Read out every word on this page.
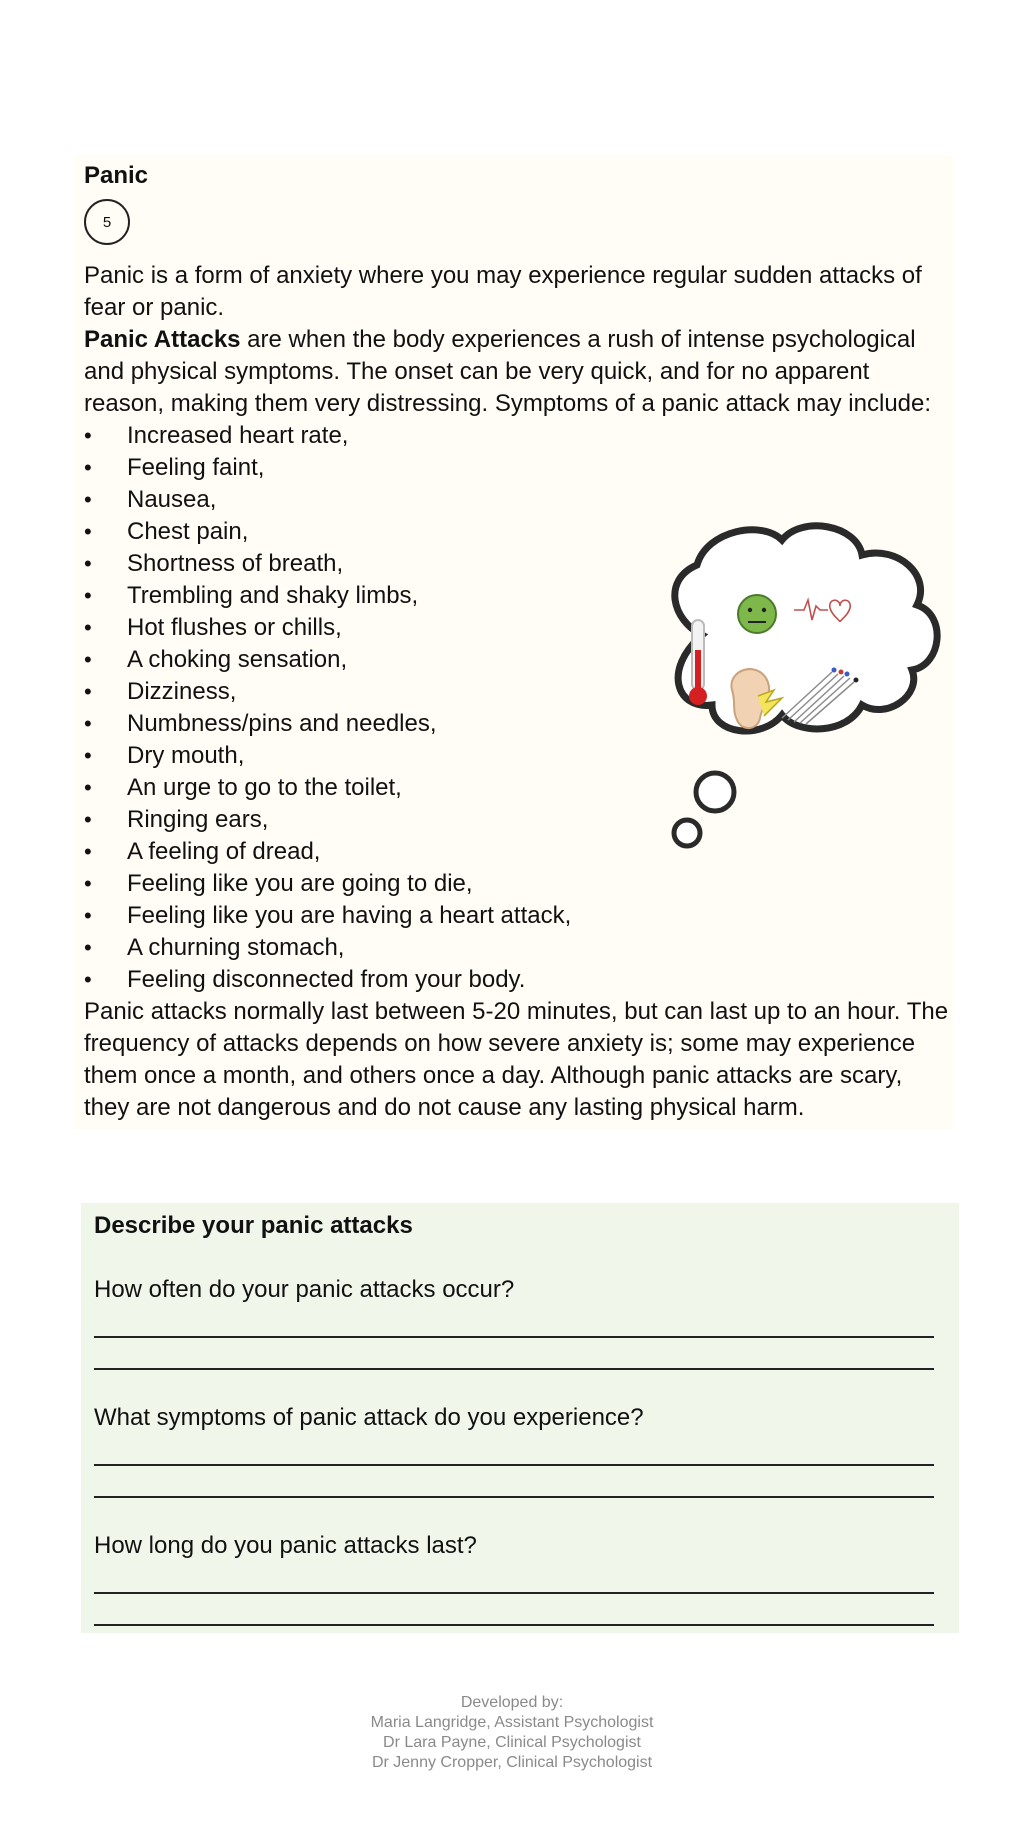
Panic
5

Panic is a form of anxiety where you may experience regular sudden attacks of fear or panic.

Panic Attacks are when the body experiences a rush of intense psychological and physical symptoms. The onset can be very quick, and for no apparent reason, making them very distressing. Symptoms of a panic attack may include:

• Increased heart rate,
• Feeling faint,
• Nausea,
• Chest pain,
• Shortness of breath,
• Trembling and shaky limbs,
• Hot flushes or chills,
• A choking sensation,
• Dizziness,
• Numbness/pins and needles,
• Dry mouth,
• An urge to go to the toilet,
• Ringing ears,
• A feeling of dread,
• Feeling like you are going to die,
• Feeling like you are having a heart attack,
• A churning stomach,
• Feeling disconnected from your body.

Panic attacks normally last between 5-20 minutes, but can last up to an hour. The frequency of attacks depends on how severe anxiety is; some may experience them once a month, and others once a day. Although panic attacks are scary, they are not dangerous and do not cause any lasting physical harm.

Describe your panic attacks
How often do your panic attacks occur?
What symptoms of panic attack do you experience?
How long do you panic attacks last?
Developed by:
Maria Langridge, Assistant Psychologist
Dr Lara Payne, Clinical Psychologist
Dr Jenny Cropper, Clinical Psychologist
